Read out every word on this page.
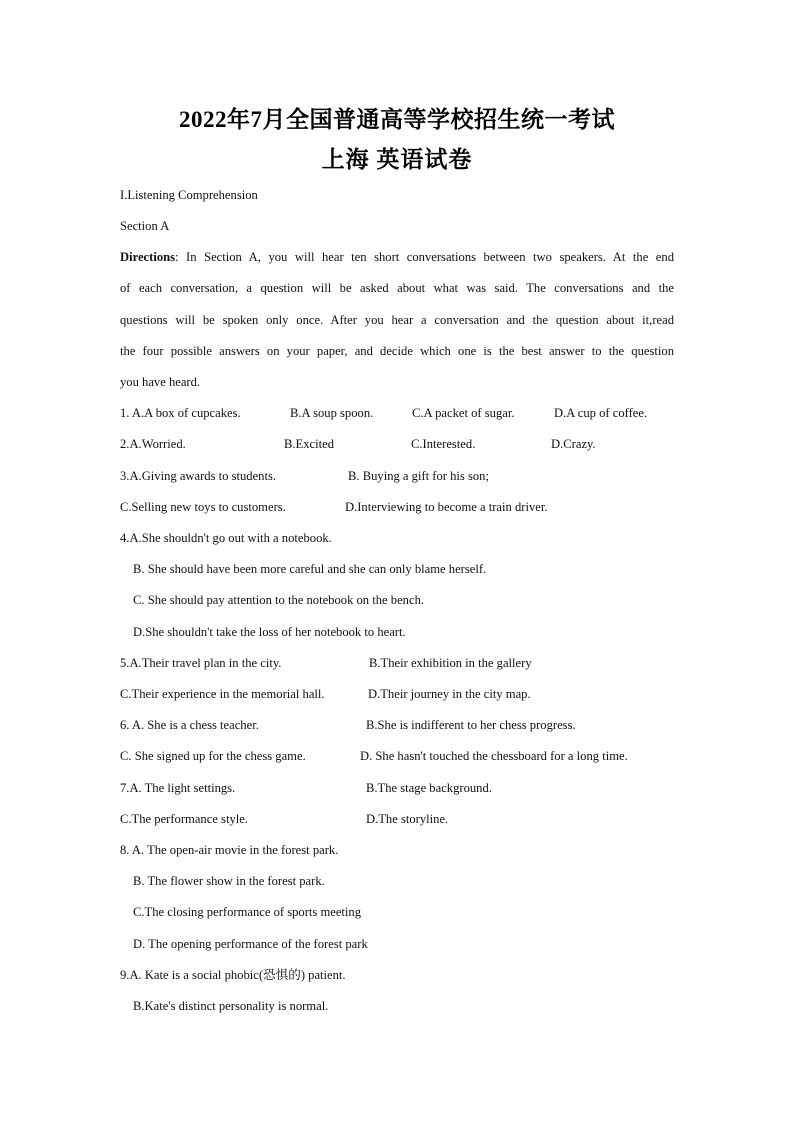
2022年7月全国普通高等学校招生统一考试
上海 英语试卷
I.Listening Comprehension
Section A
Directions: In Section A, you will hear ten short conversations between two speakers. At the end
of each conversation, a question will be asked about what was said. The conversations and the
questions will be spoken only once. After you hear a conversation and the question about it,read
the four possible answers on your paper, and decide which one is the best answer to the question
you have heard.
1. A.A box of cupcakes.	B.A soup spoon.	C.A packet of sugar.	D.A cup of coffee.
2.A.Worried.	B.Excited	C.Interested.	D.Crazy.
3.A.Giving awards to students.	B. Buying a gift for his son;
C.Selling new toys to customers.	D.Interviewing to become a train driver.
4.A.She shouldn't go out with a notebook.
B. She should have been more careful and she can only blame herself.
C. She should pay attention to the notebook on the bench.
D.She shouldn't take the loss of her notebook to heart.
5.A.Their travel plan in the city.	B.Their exhibition in the gallery
C.Their experience in the memorial hall.	D.Their journey in the city map.
6. A. She is a chess teacher.	B.She is indifferent to her chess progress.
C. She signed up for the chess game.	D. She hasn't touched the chessboard for a long time.
7.A. The light settings.	B.The stage background.
C.The performance style.	D.The storyline.
8. A. The open-air movie in the forest park.
B. The flower show in the forest park.
C.The closing performance of sports meeting
D. The opening performance of the forest park
9.A. Kate is a social phobic(恐惧的) patient.
B.Kate's distinct personality is normal.
